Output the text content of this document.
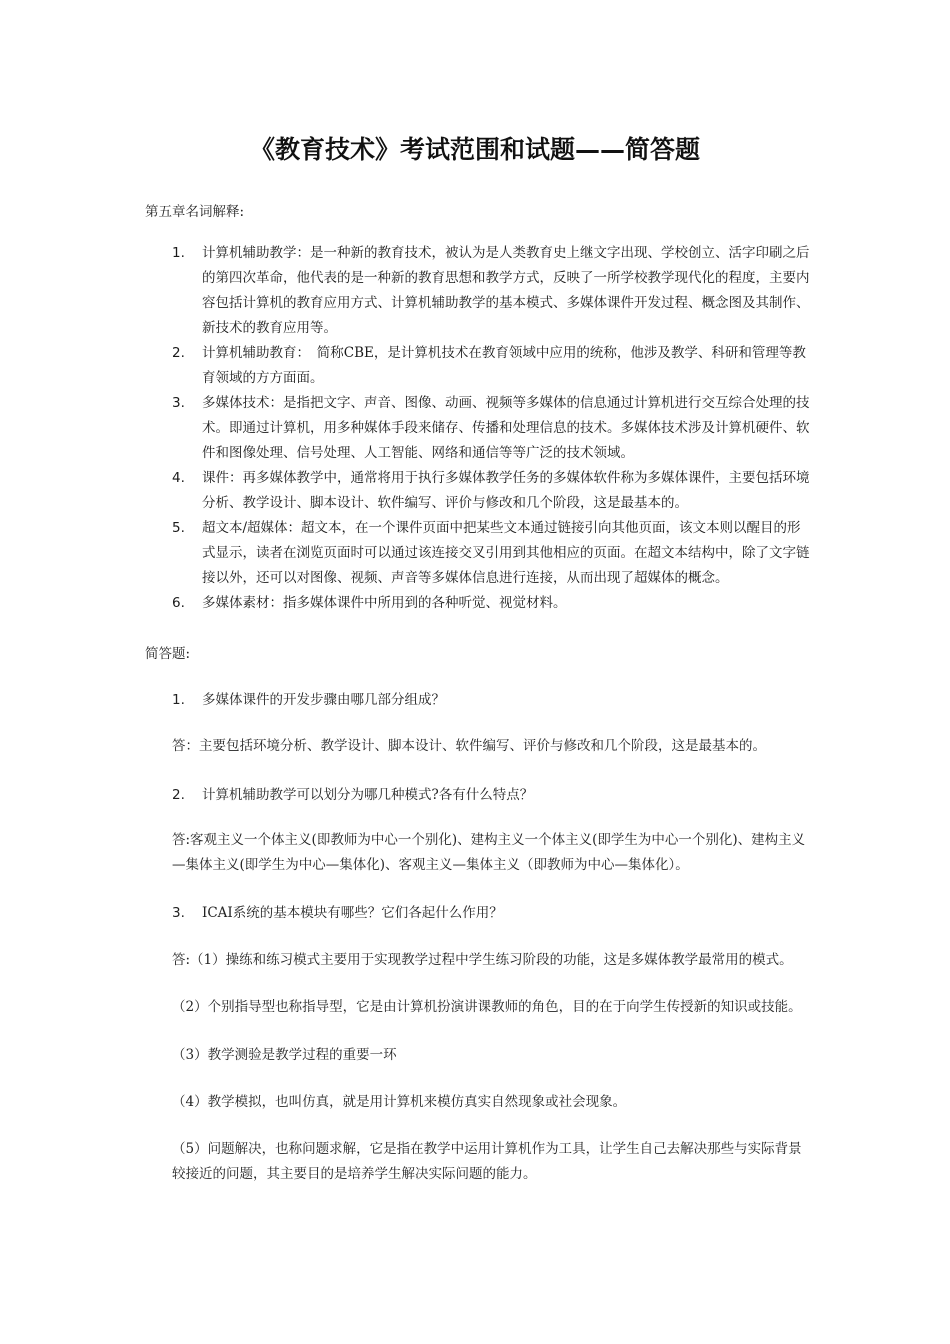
《教育技术》考试范围和试题——简答题
第五章名词解释:
1. 计算机辅助教学：是一种新的教育技术，被认为是人类教育史上继文字出现、学校创立、活字印刷之后的第四次革命，他代表的是一种新的教育思想和教学方式，反映了一所学校教学现代化的程度，主要内容包括计算机的教育应用方式、计算机辅助教学的基本模式、多媒体课件开发过程、概念图及其制作、新技术的教育应用等。
2. 计算机辅助教育：　简称CBE，是计算机技术在教育领域中应用的统称，他涉及教学、科研和管理等教育领域的方方面面。
3. 多媒体技术：是指把文字、声音、图像、动画、视频等多媒体的信息通过计算机进行交互综合处理的技术。即通过计算机，用多种媒体手段来储存、传播和处理信息的技术。多媒体技术涉及计算机硬件、软件和图像处理、信号处理、人工智能、网络和通信等等广泛的技术领域。
4. 课件：再多媒体教学中，通常将用于执行多媒体教学任务的多媒体软件称为多媒体课件，主要包括环境分析、教学设计、脚本设计、软件编写、评价与修改和几个阶段，这是最基本的。
5. 超文本/超媒体：超文本，在一个课件页面中把某些文本通过链接引向其他页面，该文本则以醒目的形式显示，读者在浏览页面时可以通过该连接交叉引用到其他相应的页面。在超文本结构中，除了文字链接以外，还可以对图像、视频、声音等多媒体信息进行连接，从而出现了超媒体的概念。
6. 多媒体素材：指多媒体课件中所用到的各种听觉、视觉材料。
简答题:
1. 多媒体课件的开发步骤由哪几部分组成？
答：主要包括环境分析、教学设计、脚本设计、软件编写、评价与修改和几个阶段，这是最基本的。
2. 计算机辅助教学可以划分为哪几种模式?各有什么特点？
答:客观主义一个体主义(即教师为中心一个别化)、建构主义一个体主义(即学生为中心一个别化)、建构主义—集体主义(即学生为中心—集体化)、客观主义—集体主义（即教师为中心—集体化）。
3. ICAI系统的基本模块有哪些？它们各起什么作用？
答:（1）操练和练习模式主要用于实现教学过程中学生练习阶段的功能，这是多媒体教学最常用的模式。
（2）个别指导型也称指导型，它是由计算机扮演讲课教师的角色，目的在于向学生传授新的知识或技能。
（3）教学测验是教学过程的重要一环
（4）教学模拟，也叫仿真，就是用计算机来模仿真实自然现象或社会现象。
（5）问题解决，也称问题求解，它是指在教学中运用计算机作为工具，让学生自己去解决那些与实际背景较接近的问题，其主要目的是培养学生解决实际问题的能力。
